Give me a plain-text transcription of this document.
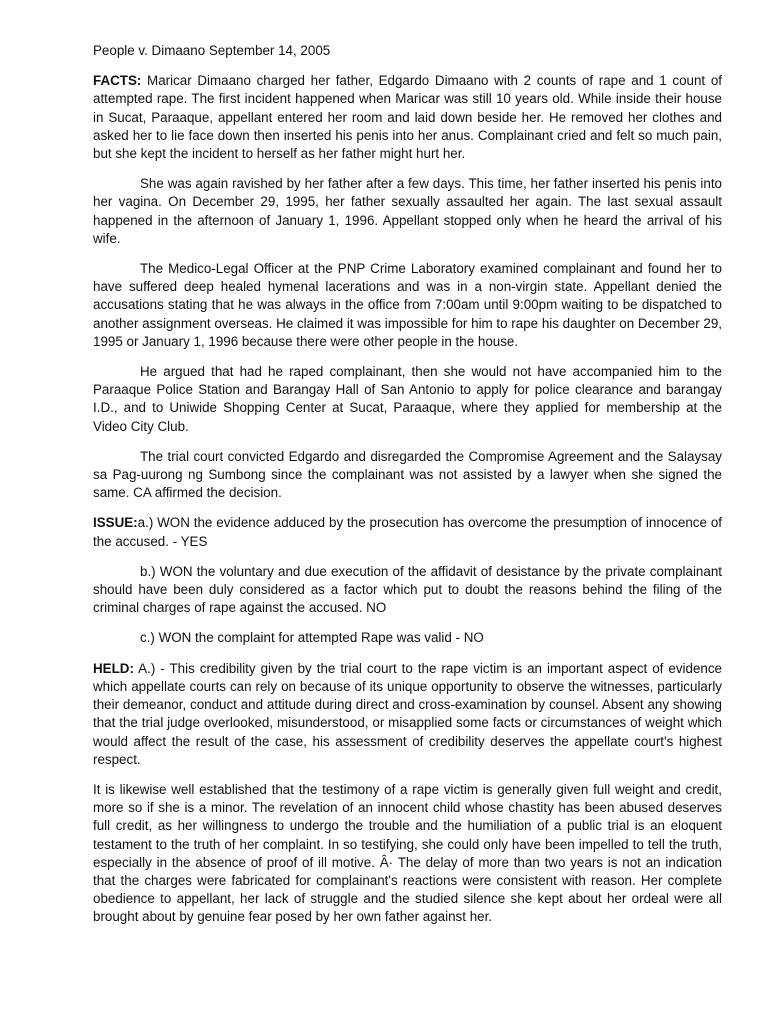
People v. Dimaano September 14, 2005

FACTS: Maricar Dimaano charged her father, Edgardo Dimaano with 2 counts of rape and 1 count of attempted rape. The first incident happened when Maricar was still 10 years old. While inside their house in Sucat, Paraaque, appellant entered her room and laid down beside her. He removed her clothes and asked her to lie face down then inserted his penis into her anus. Complainant cried and felt so much pain, but she kept the incident to herself as her father might hurt her.

She was again ravished by her father after a few days. This time, her father inserted his penis into her vagina. On December 29, 1995, her father sexually assaulted her again. The last sexual assault happened in the afternoon of January 1, 1996. Appellant stopped only when he heard the arrival of his wife.

The Medico-Legal Officer at the PNP Crime Laboratory examined complainant and found her to have suffered deep healed hymenal lacerations and was in a non-virgin state. Appellant denied the accusations stating that he was always in the office from 7:00am until 9:00pm waiting to be dispatched to another assignment overseas. He claimed it was impossible for him to rape his daughter on December 29, 1995 or January 1, 1996 because there were other people in the house.

He argued that had he raped complainant, then she would not have accompanied him to the Paraaque Police Station and Barangay Hall of San Antonio to apply for police clearance and barangay I.D., and to Uniwide Shopping Center at Sucat, Paraaque, where they applied for membership at the Video City Club.

The trial court convicted Edgardo and disregarded the Compromise Agreement and the Salaysay sa Pag-uurong ng Sumbong since the complainant was not assisted by a lawyer when she signed the same. CA affirmed the decision.

ISSUE:a.) WON the evidence adduced by the prosecution has overcome the presumption of innocence of the accused. - YES

b.) WON the voluntary and due execution of the affidavit of desistance by the private complainant should have been duly considered as a factor which put to doubt the reasons behind the filing of the criminal charges of rape against the accused. NO

c.) WON the complaint for attempted Rape was valid - NO

HELD: A.) - This credibility given by the trial court to the rape victim is an important aspect of evidence which appellate courts can rely on because of its unique opportunity to observe the witnesses, particularly their demeanor, conduct and attitude during direct and cross-examination by counsel. Absent any showing that the trial judge overlooked, misunderstood, or misapplied some facts or circumstances of weight which would affect the result of the case, his assessment of credibility deserves the appellate court's highest respect.

It is likewise well established that the testimony of a rape victim is generally given full weight and credit, more so if she is a minor. The revelation of an innocent child whose chastity has been abused deserves full credit, as her willingness to undergo the trouble and the humiliation of a public trial is an eloquent testament to the truth of her complaint. In so testifying, she could only have been impelled to tell the truth, especially in the absence of proof of ill motive. Â· The delay of more than two years is not an indication that the charges were fabricated for complainant's reactions were consistent with reason. Her complete obedience to appellant, her lack of struggle and the studied silence she kept about her ordeal were all brought about by genuine fear posed by her own father against her.
